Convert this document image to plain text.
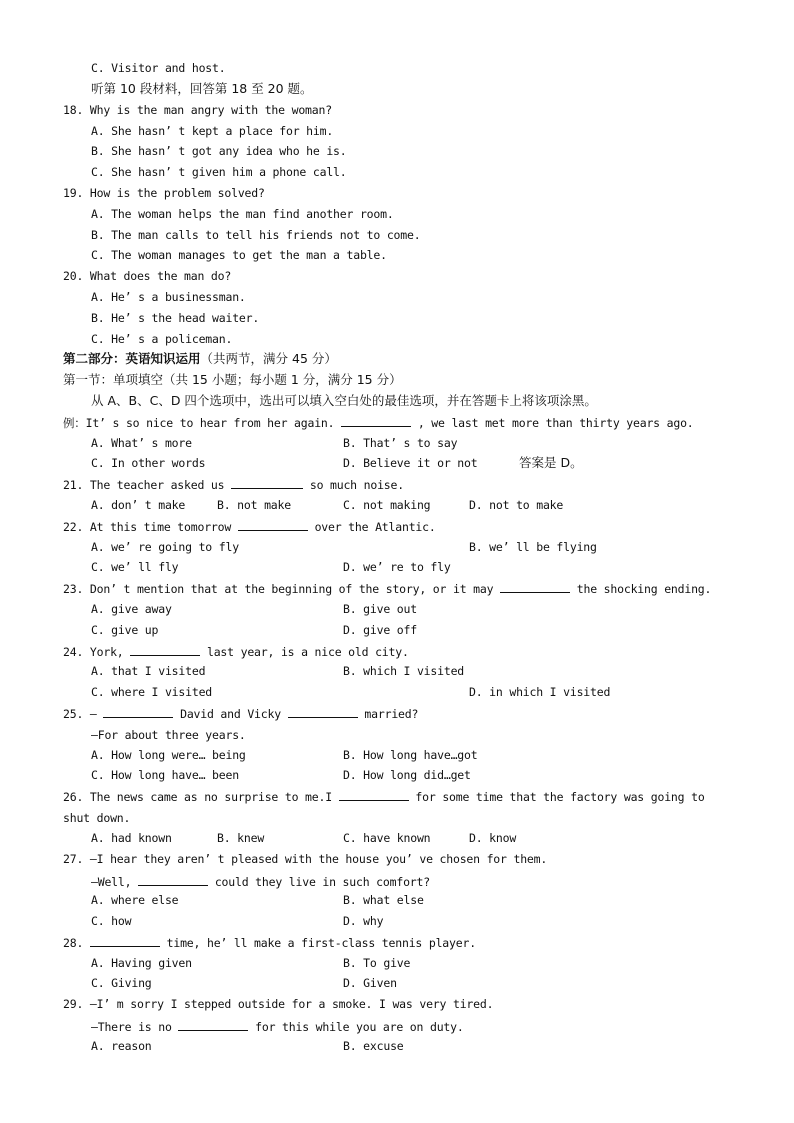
C. Visitor and host.
听第 10 段材料，回答第 18 至 20 题。
18. Why is the man angry with the woman?
A. She hasn’ t kept a place for him.
B. She hasn’ t got any idea who he is.
C. She hasn’ t given him a phone call.
19. How is the problem solved?
A. The woman helps the man find another room.
B. The man calls to tell his friends not to come.
C. The woman manages to get the man a table.
20. What does the man do?
A. He’ s a businessman.
B. He’ s the head waiter.
C. He’ s a policeman.
第二部分：英语知识运用（共两节，满分 45 分）
第一节：单项填空（共 15 小题；每小题 1 分，满分 15 分）
从 A、B、C、D 四个选项中，选出可以填入空白处的最佳选项，并在答题卡上将该项涂黑。
例：It’ s so nice to hear from her again.	, we last met more than thirty years ago.
A. What’ s more	B. That’ s to say
C. In other words	D. Believe it or not	答案是 D。
21. The teacher asked us	so much noise.
A. don’ t make	B. not make	C. not making	D. not to make
22. At this time tomorrow	over the Atlantic.
A. we’ re going to fly	B. we’ ll be flying
C. we’ ll fly	D. we’ re to fly
23. Don’ t mention that at the beginning of the story, or it may	the shocking ending.
A. give away	B. give out
C. give up	D. give off
24. York,	last year, is a nice old city.
A. that I visited	B. which I visited
C. where I visited	D. in which I visited
25. —	David and Vicky	married?
—For about three years.
A. How long were… being	B. How long have…got
C. How long have… been	D. How long did…get
26. The news came as no surprise to me.I	for some time that the factory was going to
shut down.
A. had known	B. knew	C. have known	D. know
27. —I hear they aren’ t pleased with the house you’ ve chosen for them.
—Well,	could they live in such comfort?
A. where else	B. what else
C. how	D. why
28.	time, he’ ll make a first-class tennis player.
A. Having given	B. To give
C. Giving	D. Given
29. —I’ m sorry I stepped outside for a smoke. I was very tired.
—There is no	for this while you are on duty.
A. reason	B. excuse
